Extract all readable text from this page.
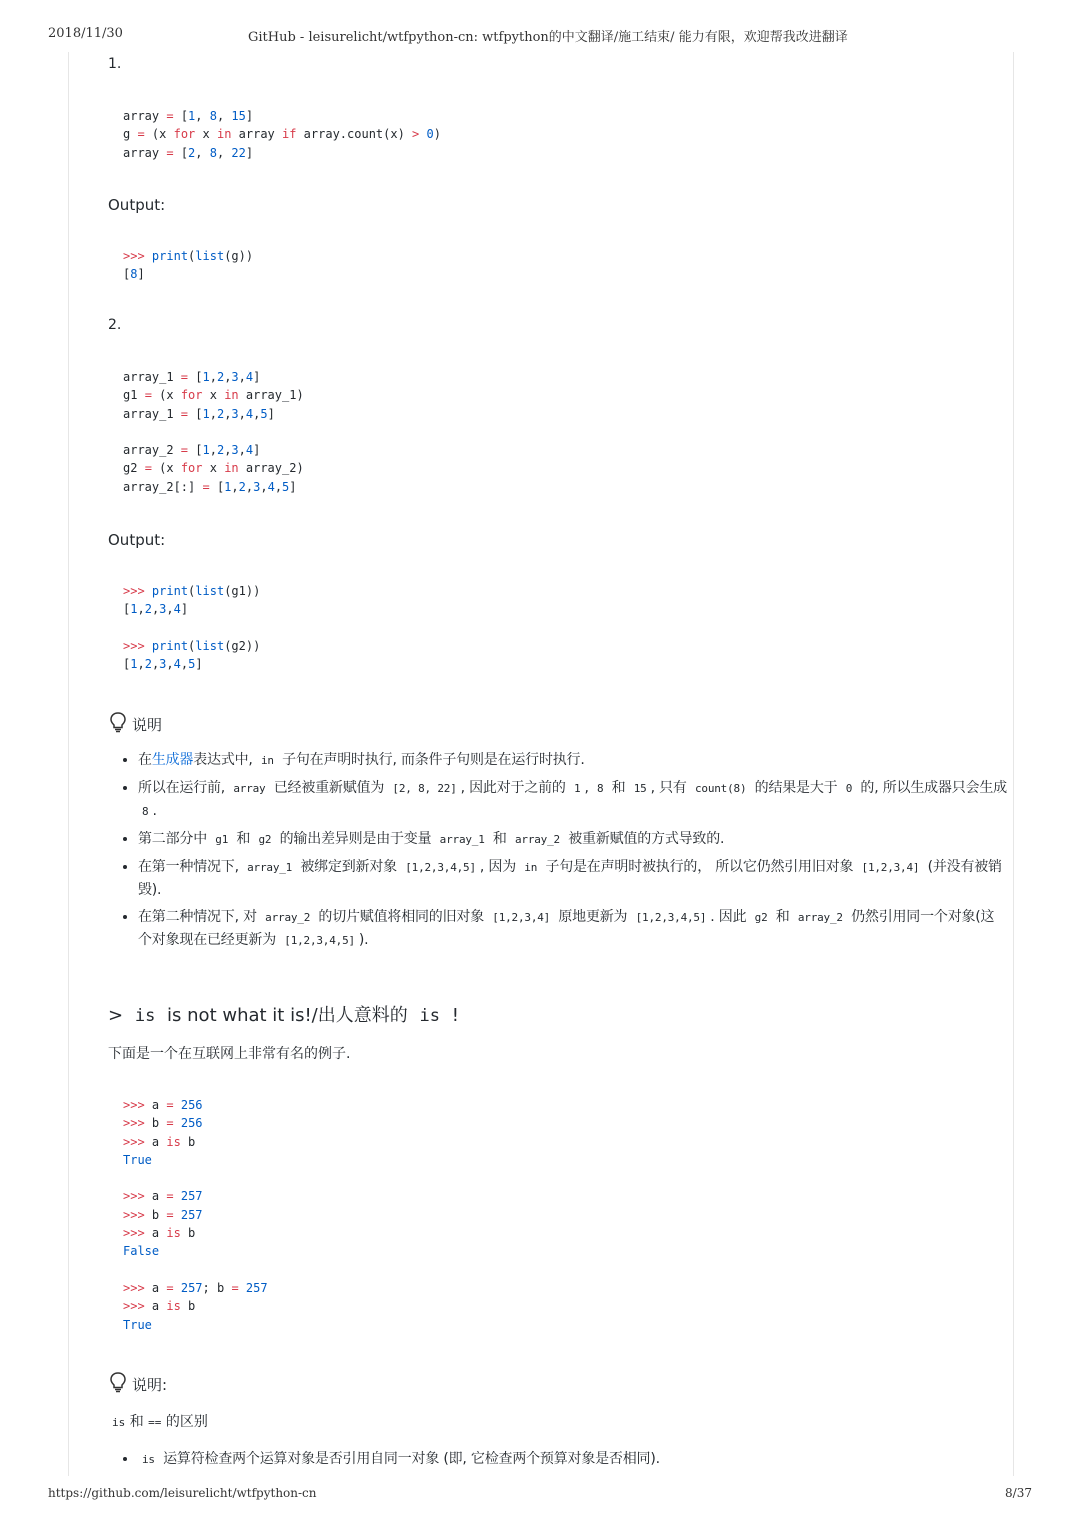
2018/11/30	GitHub - leisurelicht/wtfpython-cn: wtfpython的中文翻译/施工结束/ 能力有限，欢迎帮我改进翻译
1.
array = [1, 8, 15]
g = (x for x in array if array.count(x) > 0)
array = [2, 8, 22]
Output:
>>> print(list(g))
[8]
2.
array_1 = [1,2,3,4]
g1 = (x for x in array_1)
array_1 = [1,2,3,4,5]

array_2 = [1,2,3,4]
g2 = (x for x in array_2)
array_2[:] = [1,2,3,4,5]
Output:
>>> print(list(g1))
[1,2,3,4]

>>> print(list(g2))
[1,2,3,4,5]
说明
• 在生成器表达式中, in 子句在声明时执行, 而条件子句则是在运行时执行.
• 所以在运行前, array 已经被重新赋值为 [2, 8, 22] , 因此对于之前的 1 , 8 和 15 , 只有 count(8) 的结果是大于 0 的, 所以生成器只会生成 8 .
• 第二部分中 g1 和 g2 的输出差异则是由于变量 array_1 和 array_2 被重新赋值的方式导致的.
• 在第一种情况下, array_1 被绑定到新对象 [1,2,3,4,5] , 因为 in 子句是在声明时被执行的， 所以它仍然引用旧对象 [1,2,3,4] (并没有被销毁).
• 在第二种情况下, 对 array_2 的切片赋值将相同的旧对象 [1,2,3,4] 原地更新为 [1,2,3,4,5] . 因此 g2 和 array_2 仍然引用同一个对象(这个对象现在已经更新为 [1,2,3,4,5] ).
> is is not what it is!/出人意料的 is !
下面是一个在互联网上非常有名的例子.
>>> a = 256
>>> b = 256
>>> a is b
True

>>> a = 257
>>> b = 257
>>> a is b
False

>>> a = 257; b = 257
>>> a is b
True
说明:
is 和 == 的区别
• is 运算符检查两个运算对象是否引用自同一对象 (即, 它检查两个预算对象是否相同).
https://github.com/leisurelicht/wtfpython-cn	8/37
